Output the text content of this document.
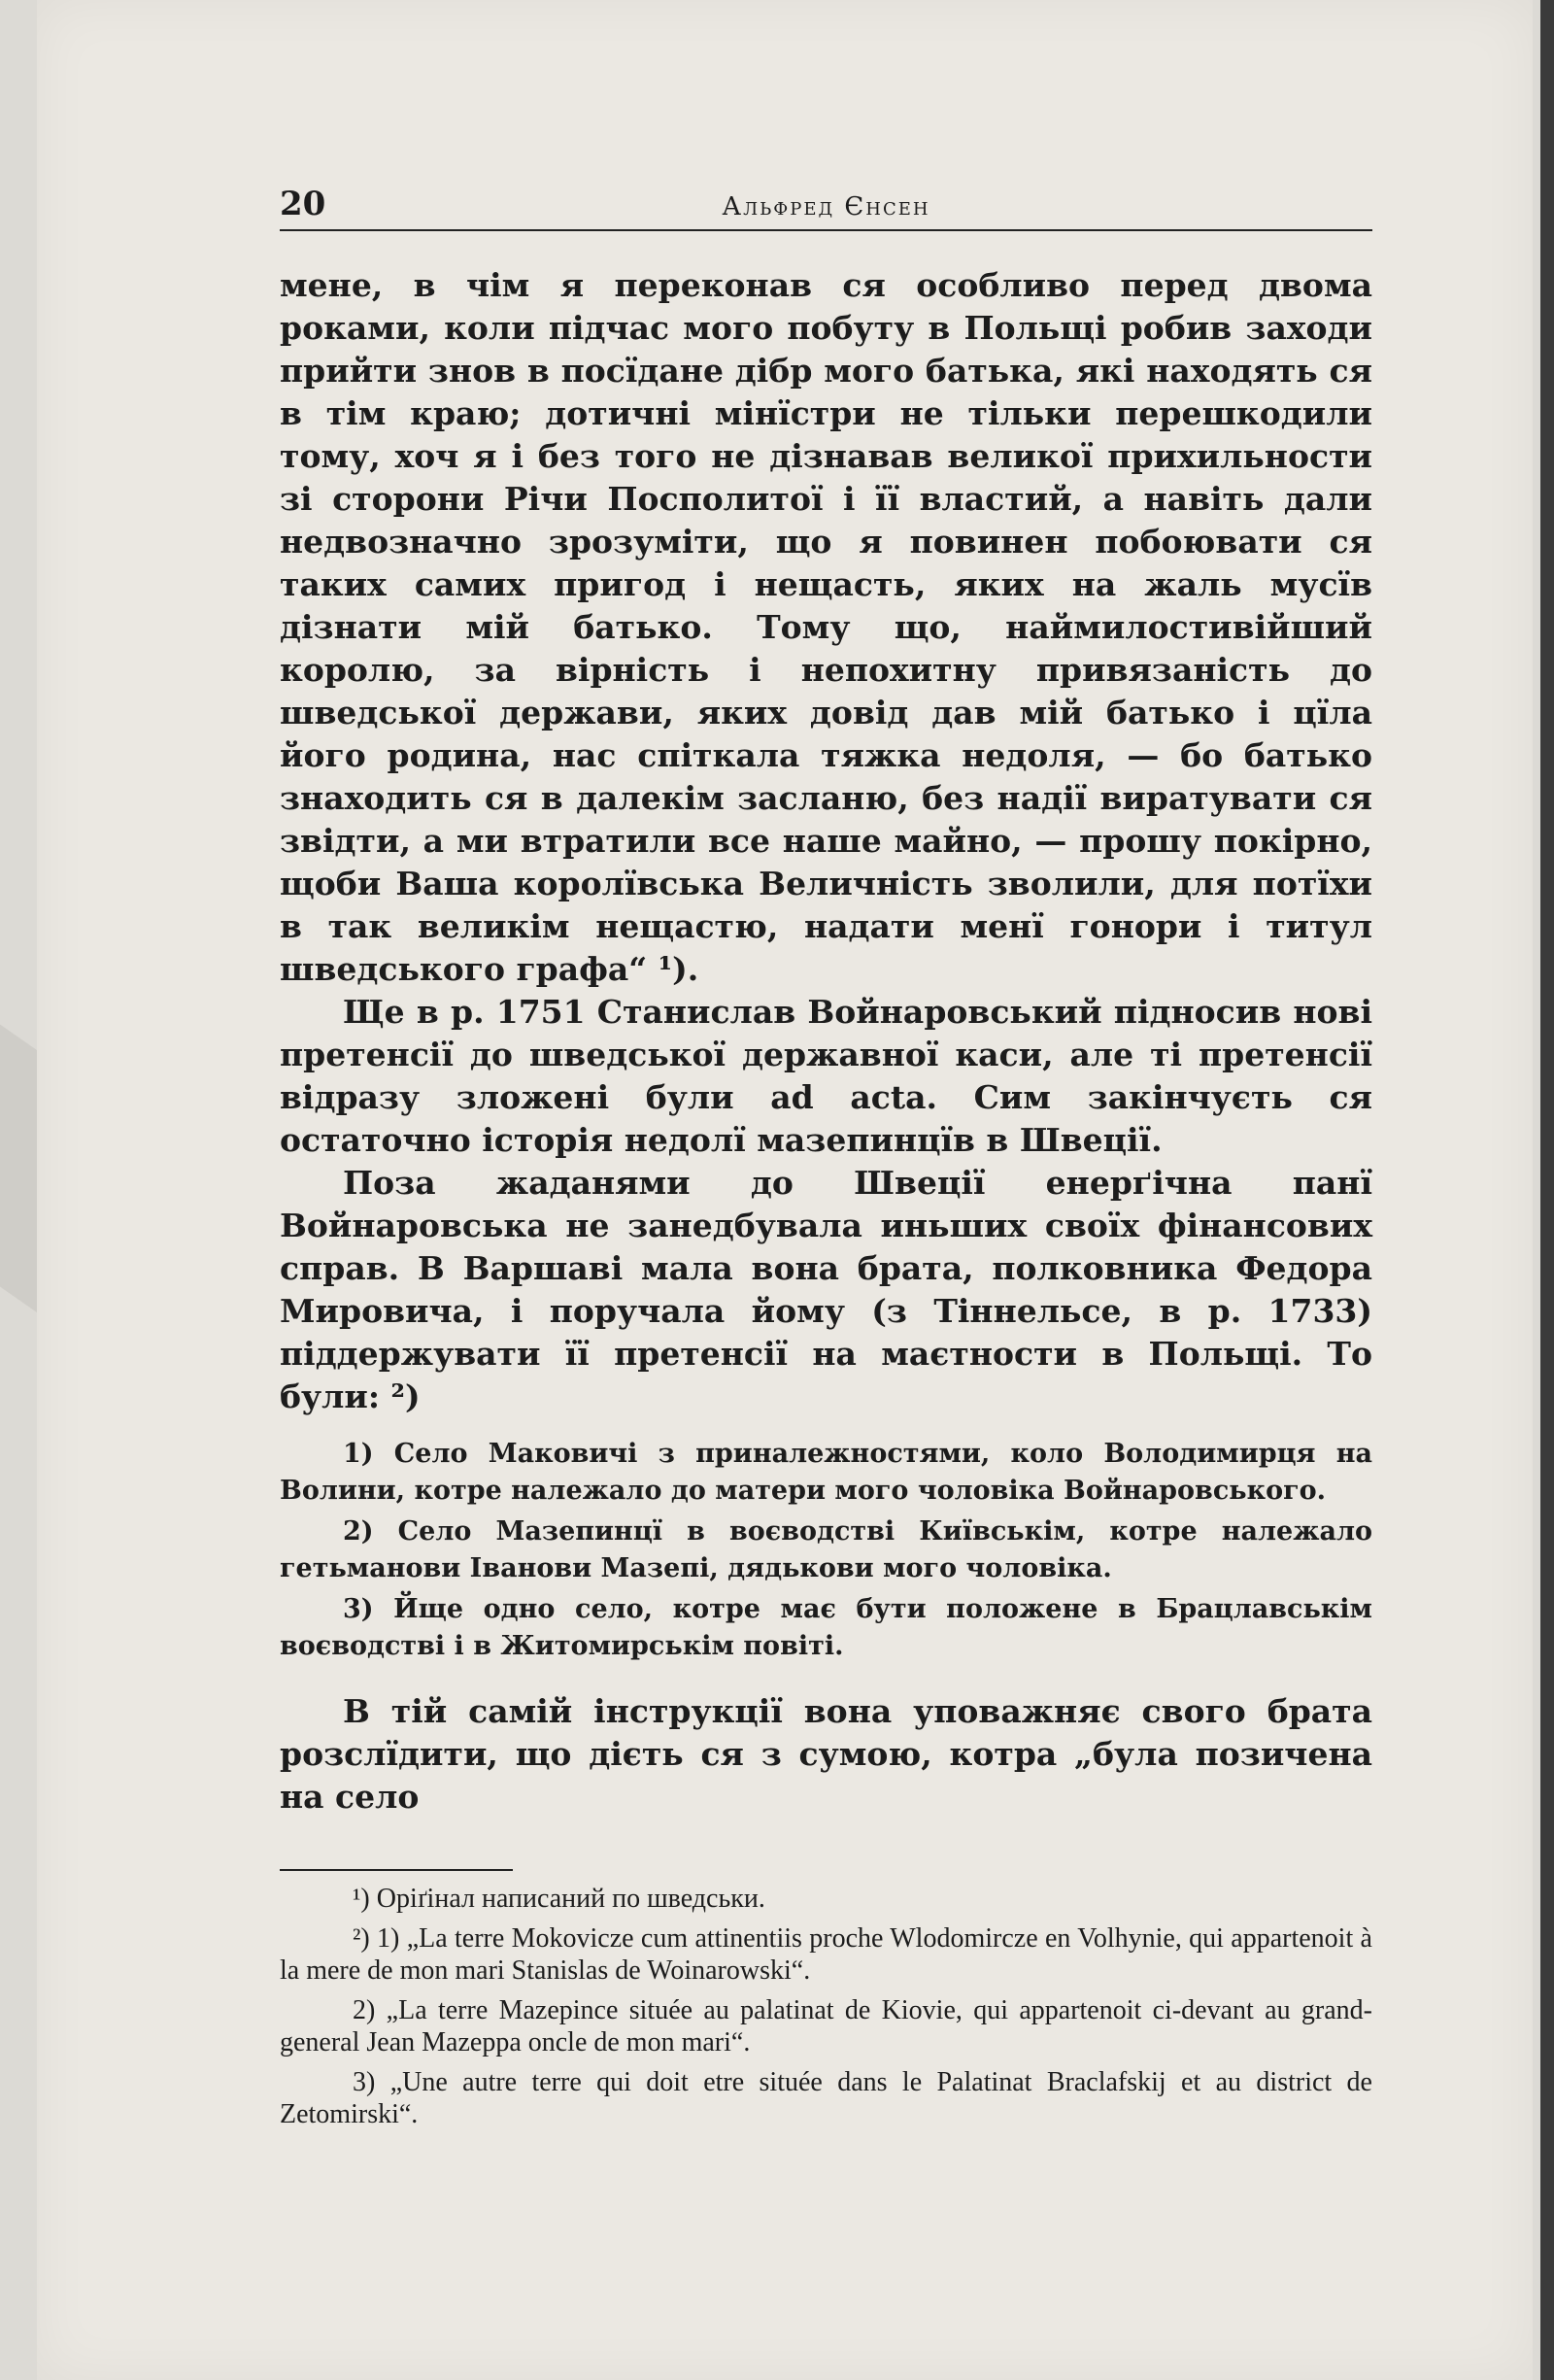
20	Альфред Єнсен

мене, в чім я переконав ся особливо перед двома роками, коли підчас мого побуту в Польщі робив заходи прийти знов в посїдане дібр мого батька, які находять ся в тім краю; дотичні мінїстри не тільки перешкодили тому, хоч я і без того не дізнавав великої прихильности зі сторони Річи Посполитої і її властий, а навіть дали недвозначно зрозуміти, що я повинен побоювати ся таких самих пригод і нещасть, яких на жаль мусїв дізнати мій батько. Тому що, наймилостивійший королю, за вірність і непохитну привязаність до шведської держави, яких довід дав мій батько і цїла його родина, нас спіткала тяжка недоля, — бо батько знаходить ся в далекім засланю, без надії виратувати ся звідти, а ми втратили все наше майно, — прошу покірно, щоби Ваша королївська Величність зволили, для потїхи в так великім нещастю, надати менї гонори і титул шведського графа“ ¹).

Ще в р. 1751 Станислав Войнаровський підносив нові претенсії до шведської державної каси, але ті претенсії відразу зложені були ad acta. Сим закінчуєть ся остаточно історія недолї мазепинцїв в Швеції.

Поза жаданями до Швеції енерґічна панї Войнаровська не занедбувала иньших своїх фінансових справ. В Варшаві мала вона брата, полковника Федора Мировича, і поручала йому (з Тіннельсе, в р. 1733) піддержувати її претенсії на маєтности в Польщі. То були: ²)

1) Село Маковичі з приналежностями, коло Володимирця на Волини, котре належало до матери мого чоловіка Войнаровського.

2) Село Мазепинцї в воєводстві Київськім, котре належало гетьманови Іванови Мазепі, дядькови мого чоловіка.

3) Йще одно село, котре має бути положене в Брацлавськім воєводстві і в Житомирськім повіті.

В тій самій інструкції вона уповажняє свого брата розслїдити, що дієть ся з сумою, котра „була позичена на село

¹) Оріґінал написаний по шведськи.

²) 1) „La terre Mokovicze cum attinentiis proche Wlodomircze en Volhynie, qui appartenoit à la mere de mon mari Stanislas de Woinarowski“.

2) „La terre Mazepince située au palatinat de Kiovie, qui appartenoit ci-devant au grand-general Jean Mazeppa oncle de mon mari“.

3) „Une autre terre qui doit etre située dans le Palatinat Braclafskij et au district de Zetomirski“.
